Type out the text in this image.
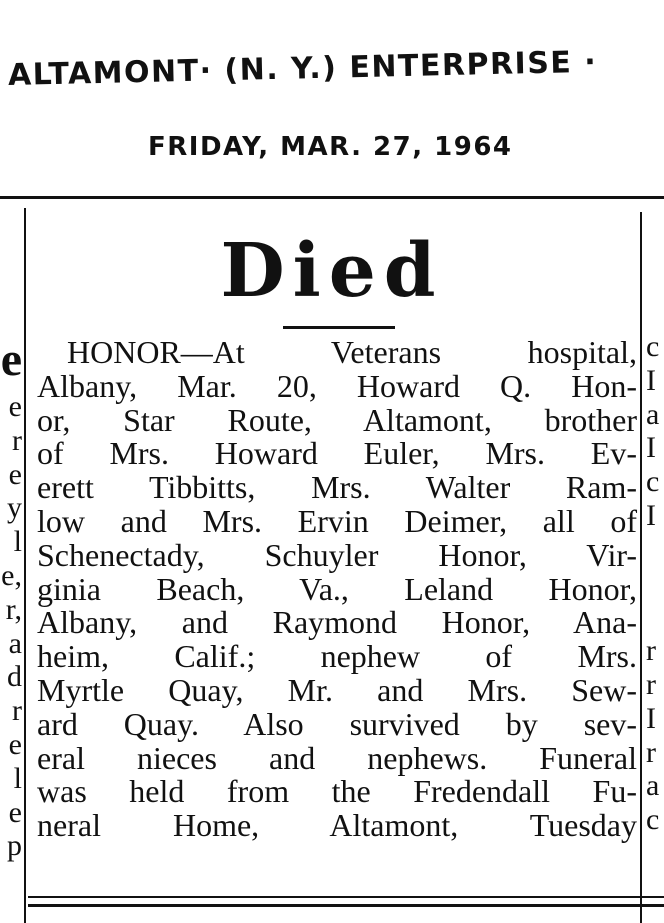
ALTAMONT· (N. Y.) ENTERPRISE ·
FRIDAY, MAR. 27, 1964
e
e
r
e
y
l
e,
r,
a
d
r
e
l
e
p
c
I
a
I
c
I

r
r
I
r
a
c
Died
HONOR—At Veterans hospital,
Albany, Mar. 20, Howard Q. Hon-
or, Star Route, Altamont, brother
of Mrs. Howard Euler, Mrs. Ev-
erett Tibbitts, Mrs. Walter Ram-
low and Mrs. Ervin Deimer, all of
Schenectady, Schuyler Honor, Vir-
ginia Beach, Va., Leland Honor,
Albany, and Raymond Honor, Ana-
heim, Calif.; nephew of Mrs.
Myrtle Quay, Mr. and Mrs. Sew-
ard Quay. Also survived by sev-
eral nieces and nephews. Funeral
was held from the Fredendall Fu-
neral Home, Altamont, Tuesday
